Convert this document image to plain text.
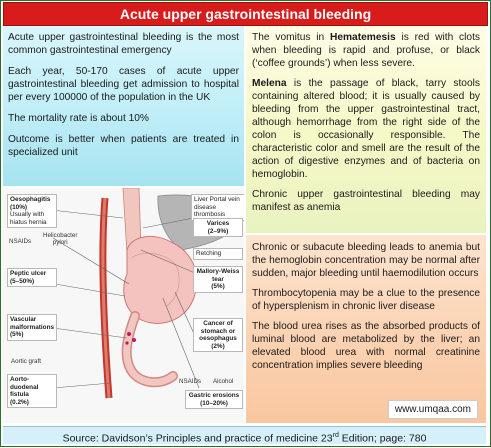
Acute upper gastrointestinal bleeding

Acute upper gastrointestinal bleeding is the most common gastrointestinal emergency

Each year, 50-170 cases of acute upper gastrointestinal bleeding get admission to hospital per every 100000 of the population in the UK

The mortality rate is about 10%

Outcome is better when patients are treated in specialized unit

The vomitus in Hematemesis is red with clots when bleeding is rapid and profuse, or black (‘coffee grounds’) when less severe.

Melena is the passage of black, tarry stools containing altered blood; it is usually caused by bleeding from the upper gastrointestinal tract, although hemorrhage from the right side of the colon is occasionally responsible. The characteristic color and smell are the result of the action of digestive enzymes and of bacteria on hemoglobin.

Chronic upper gastrointestinal bleeding may manifest as anemia

Chronic or subacute bleeding leads to anemia but the hemoglobin concentration may be normal after sudden, major bleeding until haemodilution occurs

Thrombocytopenia may be a clue to the presence of hypersplenism in chronic liver disease

The blood urea rises as the absorbed products of luminal blood are metabolized by the liver; an elevated blood urea with normal creatinine concentration implies severe bleeding

www.umqaa.com
Oesophagitis
(10%)
Usually with
hiatus hernia
NSAIDs
Helicobacter
pylori
Peptic ulcer
(5–50%)
Vascular
malformations
(5%)
Aortic graft
Aorto-duodenal
fistula
(0.2%)
Liver Portal vein
disease thrombosis
Varices
(2–9%)
Retching
Mallory-Weiss tear
(5%)
Cancer of
stomach or
oesophagus
(2%)
NSAIDs Alcohol
Gastric erosions
(10–20%)
Source: Davidson’s Principles and practice of medicine 23rd Edition; page: 780
